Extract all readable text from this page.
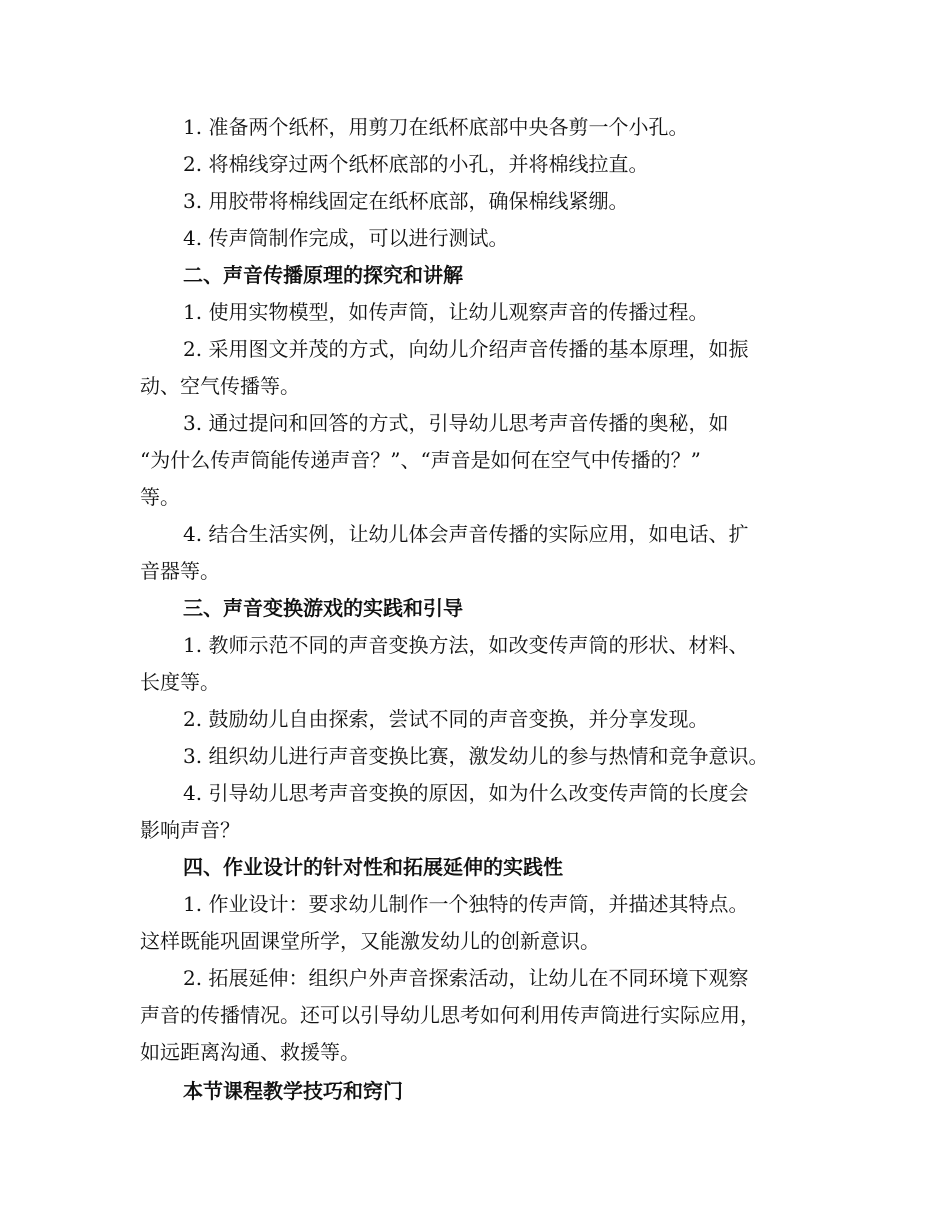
1. 准备两个纸杯，用剪刀在纸杯底部中央各剪一个小孔。
2. 将棉线穿过两个纸杯底部的小孔，并将棉线拉直。
3. 用胶带将棉线固定在纸杯底部，确保棉线紧绷。
4. 传声筒制作完成，可以进行测试。
二、声音传播原理的探究和讲解
1. 使用实物模型，如传声筒，让幼儿观察声音的传播过程。
2. 采用图文并茂的方式，向幼儿介绍声音传播的基本原理，如振
动、空气传播等。
3. 通过提问和回答的方式，引导幼儿思考声音传播的奥秘，如
“为什么传声筒能传递声音？”、“声音是如何在空气中传播的？”
等。
4. 结合生活实例，让幼儿体会声音传播的实际应用，如电话、扩
音器等。
三、声音变换游戏的实践和引导
1. 教师示范不同的声音变换方法，如改变传声筒的形状、材料、
长度等。
2. 鼓励幼儿自由探索，尝试不同的声音变换，并分享发现。
3. 组织幼儿进行声音变换比赛，激发幼儿的参与热情和竞争意识。
4. 引导幼儿思考声音变换的原因，如为什么改变传声筒的长度会
影响声音？
四、作业设计的针对性和拓展延伸的实践性
1. 作业设计：要求幼儿制作一个独特的传声筒，并描述其特点。
这样既能巩固课堂所学，又能激发幼儿的创新意识。
2. 拓展延伸：组织户外声音探索活动，让幼儿在不同环境下观察
声音的传播情况。还可以引导幼儿思考如何利用传声筒进行实际应用，
如远距离沟通、救援等。
本节课程教学技巧和窍门
